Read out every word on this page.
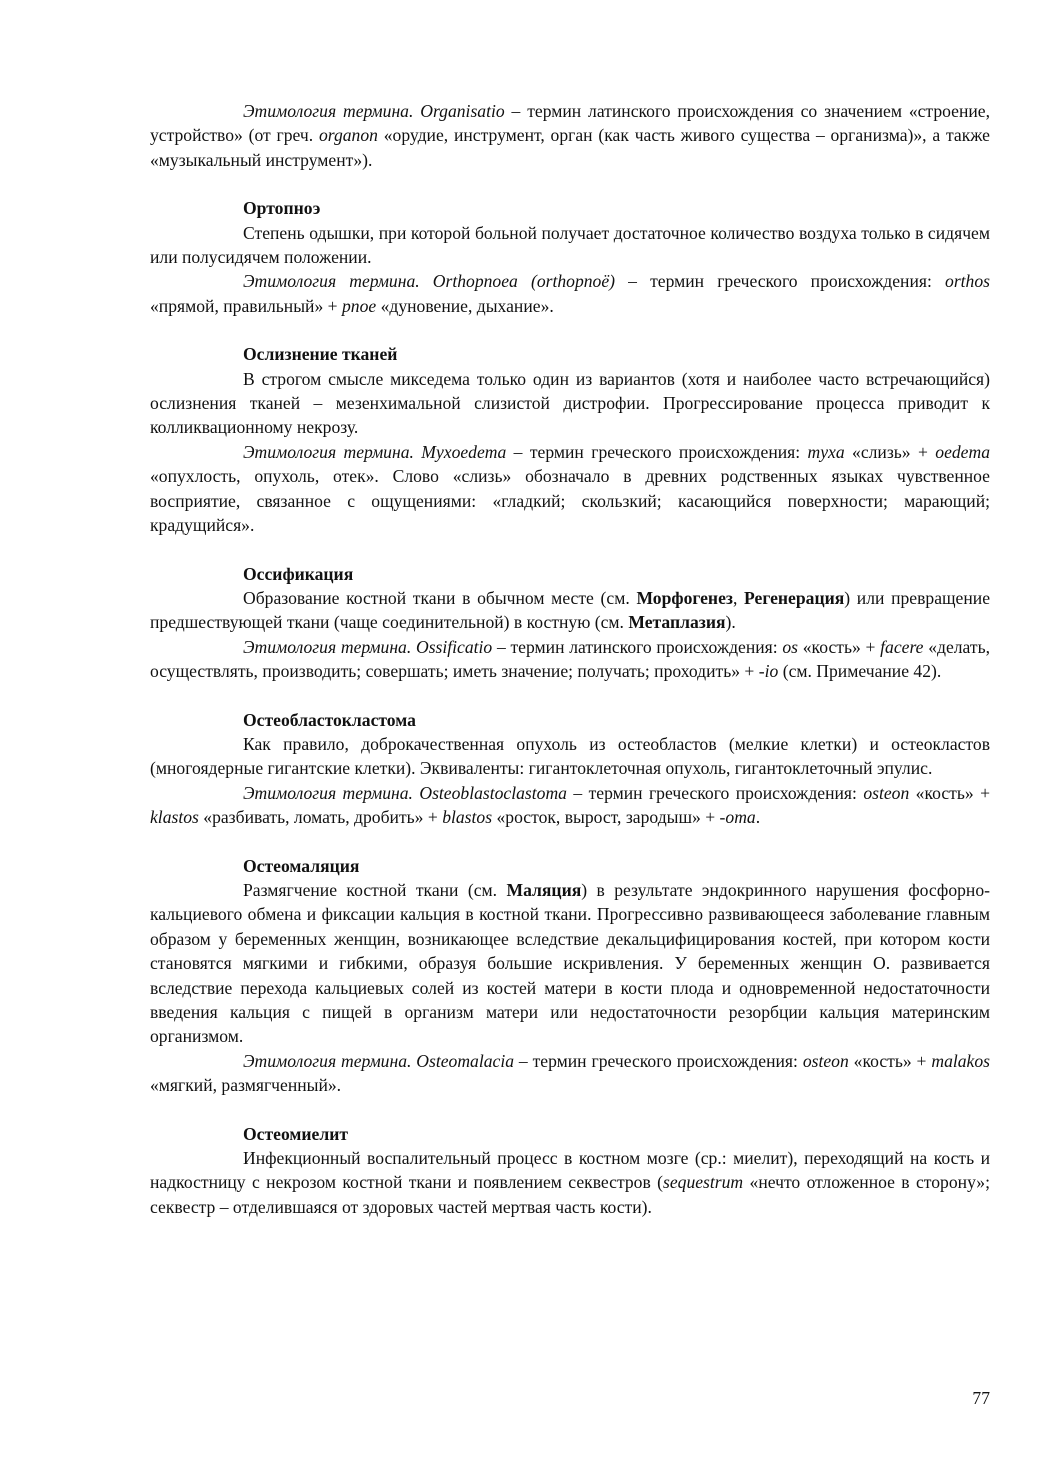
Этимология термина. Organisatio – термин латинского происхождения со значением «строение, устройство» (от греч. organon «орудие, инструмент, орган (как часть живого существа – организма)», а также «музыкальный инструмент»).

Ортопноэ

Степень одышки, при которой больной получает достаточное количество воздуха только в сидячем или полусидячем положении.

Этимология термина. Orthopnoea (orthopnoë) – термин греческого происхождения: orthos «прямой, правильный» + pnoe «дуновение, дыхание».

Ослизнение тканей

В строгом смысле микседема только один из вариантов (хотя и наиболее часто встречающийся) ослизнения тканей – мезенхимальной слизистой дистрофии. Прогрессирование процесса приводит к колликвационному некрозу.

Этимология термина. Myxoedema – термин греческого происхождения: myxa «слизь» + oedema «опухлость, опухоль, отек». Слово «слизь» обозначало в древних родственных языках чувственное восприятие, связанное с ощущениями: «гладкий; скользкий; касающийся поверхности; марающий; крадущийся».

Оссификация

Образование костной ткани в обычном месте (см. Морфогенез, Регенерация) или превращение предшествующей ткани (чаще соединительной) в костную (см. Метаплазия).

Этимология термина. Ossificatio – термин латинского происхождения: os «кость» + facere «делать, осуществлять, производить; совершать; иметь значение; получать; проходить» + -io (см. Примечание 42).

Остеобластокластома

Как правило, доброкачественная опухоль из остеобластов (мелкие клетки) и остеокластов (многоядерные гигантские клетки). Эквиваленты: гигантоклеточная опухоль, гигантоклеточный эпулис.

Этимология термина. Osteoblastoclastoma – термин греческого происхождения: osteon «кость» + klastos «разбивать, ломать, дробить» + blastos «росток, вырост, зародыш» + -oma.

Остеомаляция

Размягчение костной ткани (см. Маляция) в результате эндокринного нарушения фосфорно-кальциевого обмена и фиксации кальция в костной ткани. Прогрессивно развивающееся заболевание главным образом у беременных женщин, возникающее вследствие декальцифицирования костей, при котором кости становятся мягкими и гибкими, образуя большие искривления. У беременных женщин О. развивается вследствие перехода кальциевых солей из костей матери в кости плода и одновременной недостаточности введения кальция с пищей в организм матери или недостаточности резорбции кальция материнским организмом.

Этимология термина. Osteomalacia – термин греческого происхождения: osteon «кость» + malakos «мягкий, размягченный».

Остеомиелит

Инфекционный воспалительный процесс в костном мозге (ср.: миелит), переходящий на кость и надкостницу с некрозом костной ткани и появлением секвестров (sequestrum «нечто отложенное в сторону»; секвестр – отделившаяся от здоровых частей мертвая часть кости).

77
